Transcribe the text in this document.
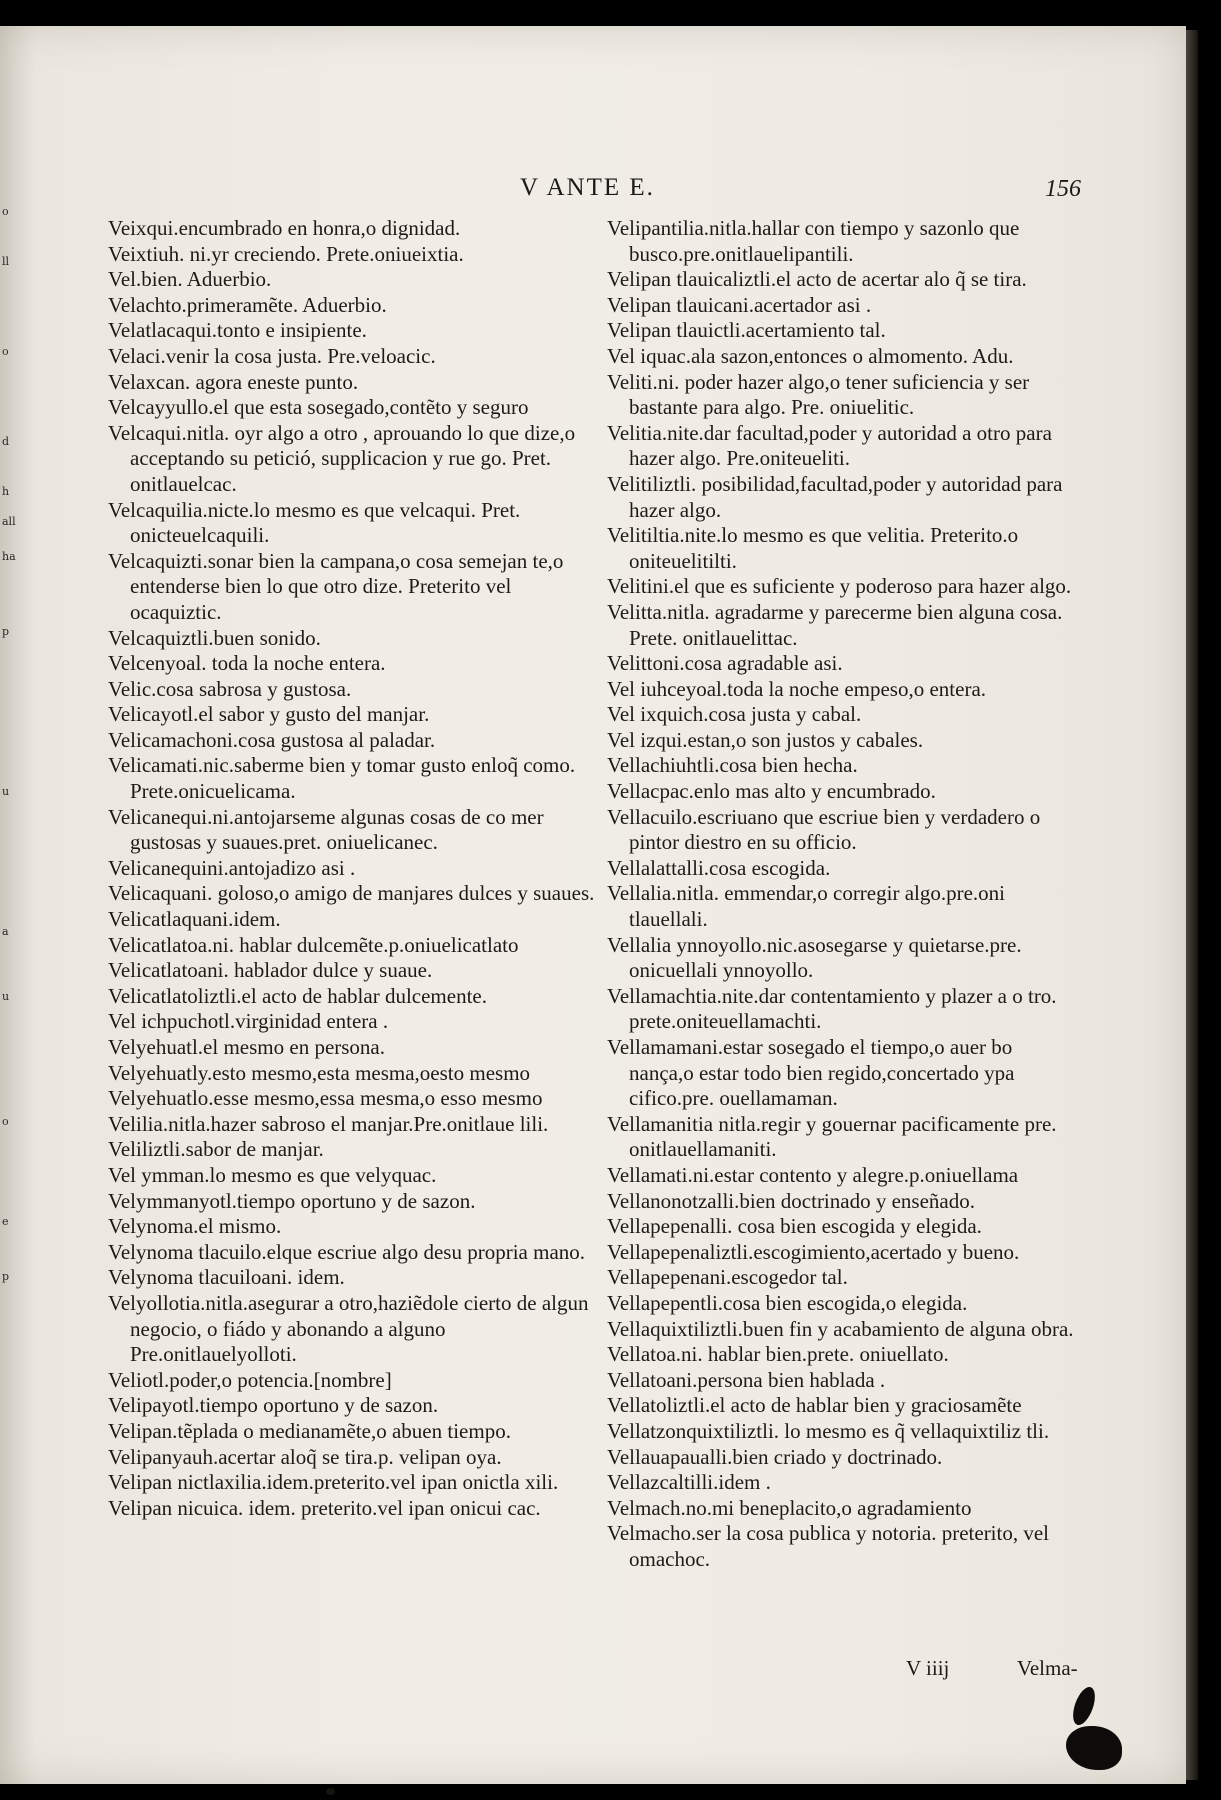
o
ll
o
d
h
all
ha
p
u
a
u
o
e
p
V ANTE E.	156
Veixqui.encumbrado en honra,o dignidad.
Veixtiuh. ni.yr creciendo. Prete.oniueixtia.
Vel.bien. Aduerbio.
Velachto.primeramẽte. Aduerbio.
Velatlacaqui.tonto e insipiente.
Velaci.venir la cosa justa. Pre.veloacic.
Velaxcan. agora eneste punto.
Velcayyullo.el que esta sosegado,contẽto y seguro
Velcaqui.nitla. oyr algo a otro , aprouando lo que dize,o acceptando su petició, supplicacion y rue go. Pret. onitlauelcac.
Velcaquilia.nicte.lo mesmo es que velcaqui. Pret. onicteuelcaquili.
Velcaquizti.sonar bien la campana,o cosa semejan te,o entenderse bien lo que otro dize. Preterito vel ocaquiztic.
Velcaquiztli.buen sonido.
Velcenyoal. toda la noche entera.
Velic.cosa sabrosa y gustosa.
Velicayotl.el sabor y gusto del manjar.
Velicamachoni.cosa gustosa al paladar.
Velicamati.nic.saberme bien y tomar gusto enloq̃ como. Prete.onicuelicama.
Velicanequi.ni.antojarseme algunas cosas de co mer gustosas y suaues.pret. oniuelicanec.
Velicanequini.antojadizo asi .
Velicaquani. goloso,o amigo de manjares dulces y suaues.
Velicatlaquani.idem.
Velicatlatoa.ni. hablar dulcemẽte.p.oniuelicatlato
Velicatlatoani. hablador dulce y suaue.
Velicatlatoliztli.el acto de hablar dulcemente.
Vel ichpuchotl.virginidad entera .
Velyehuatl.el mesmo en persona.
Velyehuatly.esto mesmo,esta mesma,oesto mesmo
Velyehuatlo.esse mesmo,essa mesma,o esso mesmo
Velilia.nitla.hazer sabroso el manjar.Pre.onitlaue lili.
Veliliztli.sabor de manjar.
Vel ymman.lo mesmo es que velyquac.
Velymmanyotl.tiempo oportuno y de sazon.
Velynoma.el mismo.
Velynoma tlacuilo.elque escriue algo desu propria mano.
Velynoma tlacuiloani. idem.
Velyollotia.nitla.asegurar a otro,haziẽdole cierto de algun negocio, o fiádo y abonando a alguno Pre.onitlauelyolloti.
Veliotl.poder,o potencia.[nombre]
Velipayotl.tiempo oportuno y de sazon.
Velipan.tẽplada o medianamẽte,o abuen tiempo.
Velipanyauh.acertar aloq̃ se tira.p. velipan oya.
Velipan nictlaxilia.idem.preterito.vel ipan onictla xili.
Velipan nicuica. idem. preterito.vel ipan onicui cac.
Velipantilia.nitla.hallar con tiempo y sazonlo que busco.pre.onitlauelipantili.
Velipan tlauicaliztli.el acto de acertar alo q̃ se tira.
Velipan tlauicani.acertador asi .
Velipan tlauictli.acertamiento tal.
Vel iquac.ala sazon,entonces o almomento. Adu.
Veliti.ni. poder hazer algo,o tener suficiencia y ser bastante para algo. Pre. oniuelitic.
Velitia.nite.dar facultad,poder y autoridad a otro para hazer algo. Pre.oniteueliti.
Velitiliztli. posibilidad,facultad,poder y autoridad para hazer algo.
Velitiltia.nite.lo mesmo es que velitia. Preterito.o oniteuelitilti.
Velitini.el que es suficiente y poderoso para hazer algo.
Velitta.nitla. agradarme y parecerme bien alguna cosa. Prete. onitlauelittac.
Velittoni.cosa agradable asi.
Vel iuhceyoal.toda la noche empeso,o entera.
Vel ixquich.cosa justa y cabal.
Vel izqui.estan,o son justos y cabales.
Vellachiuhtli.cosa bien hecha.
Vellacpac.enlo mas alto y encumbrado.
Vellacuilo.escriuano que escriue bien y verdadero o pintor diestro en su officio.
Vellalattalli.cosa escogida.
Vellalia.nitla. emmendar,o corregir algo.pre.oni tlauellali.
Vellalia ynnoyollo.nic.asosegarse y quietarse.pre. onicuellali ynnoyollo.
Vellamachtia.nite.dar contentamiento y plazer a o tro. prete.oniteuellamachti.
Vellamamani.estar sosegado el tiempo,o auer bo nança,o estar todo bien regido,concertado ypa cifico.pre. ouellamaman.
Vellamanitia nitla.regir y gouernar pacificamente pre. onitlauellamaniti.
Vellamati.ni.estar contento y alegre.p.oniuellama
Vellanonotzalli.bien doctrinado y enseñado.
Vellapepenalli. cosa bien escogida y elegida.
Vellapepenaliztli.escogimiento,acertado y bueno.
Vellapepenani.escogedor tal.
Vellapepentli.cosa bien escogida,o elegida.
Vellaquixtiliztli.buen fin y acabamiento de alguna obra.
Vellatoa.ni. hablar bien.prete. oniuellato.
Vellatoani.persona bien hablada .
Vellatoliztli.el acto de hablar bien y graciosamẽte
Vellatzonquixtiliztli. lo mesmo es q̃ vellaquixtiliz tli.
Vellauapaualli.bien criado y doctrinado.
Vellazcaltilli.idem .
Velmach.no.mi beneplacito,o agradamiento
Velmacho.ser la cosa publica y notoria. preterito, vel omachoc.
V iiij	Velma-
